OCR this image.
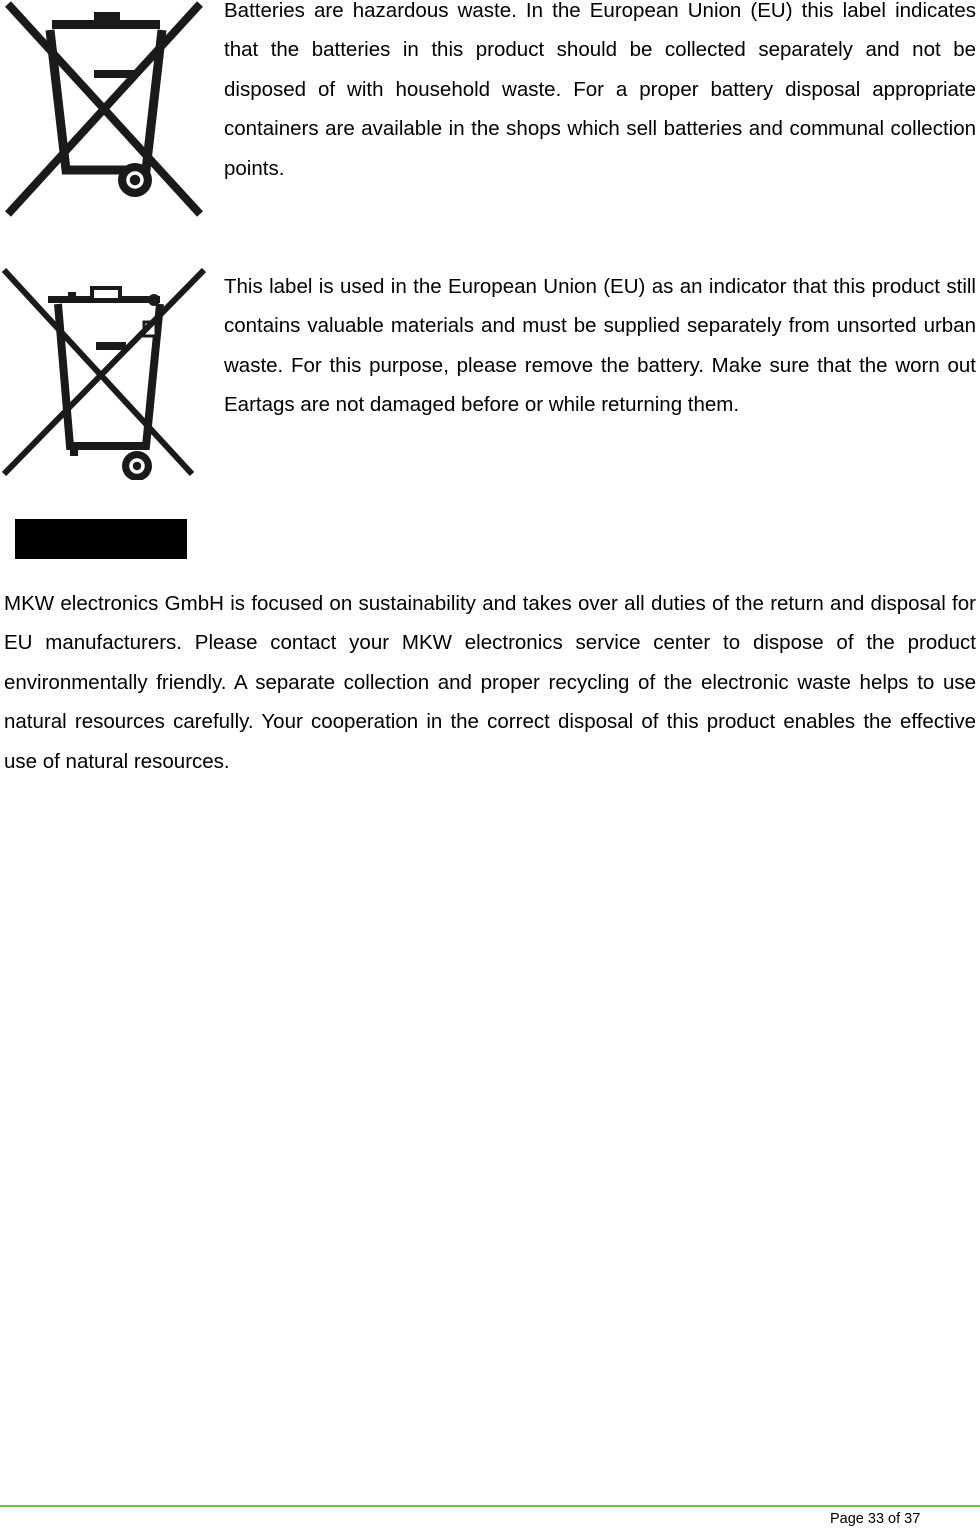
Batteries are hazardous waste. In the European Union (EU) this label indicates that the batteries in this product should be collected separately and not be disposed of with household waste. For a proper battery disposal appropriate containers are available in the shops which sell batteries and communal collection points.

This label is used in the European Union (EU) as an indicator that this product still contains valuable materials and must be supplied separately from unsorted urban waste. For this purpose, please remove the battery. Make sure that the worn out Eartags are not damaged before or while returning them.

MKW electronics GmbH is focused on sustainability and takes over all duties of the return and disposal for EU manufacturers. Please contact your MKW electronics service center to dispose of the product environmentally friendly. A separate collection and proper recycling of the electronic waste helps to use natural resources carefully. Your cooperation in the correct disposal of this product enables the effective use of natural resources.

Page 33 of 37
